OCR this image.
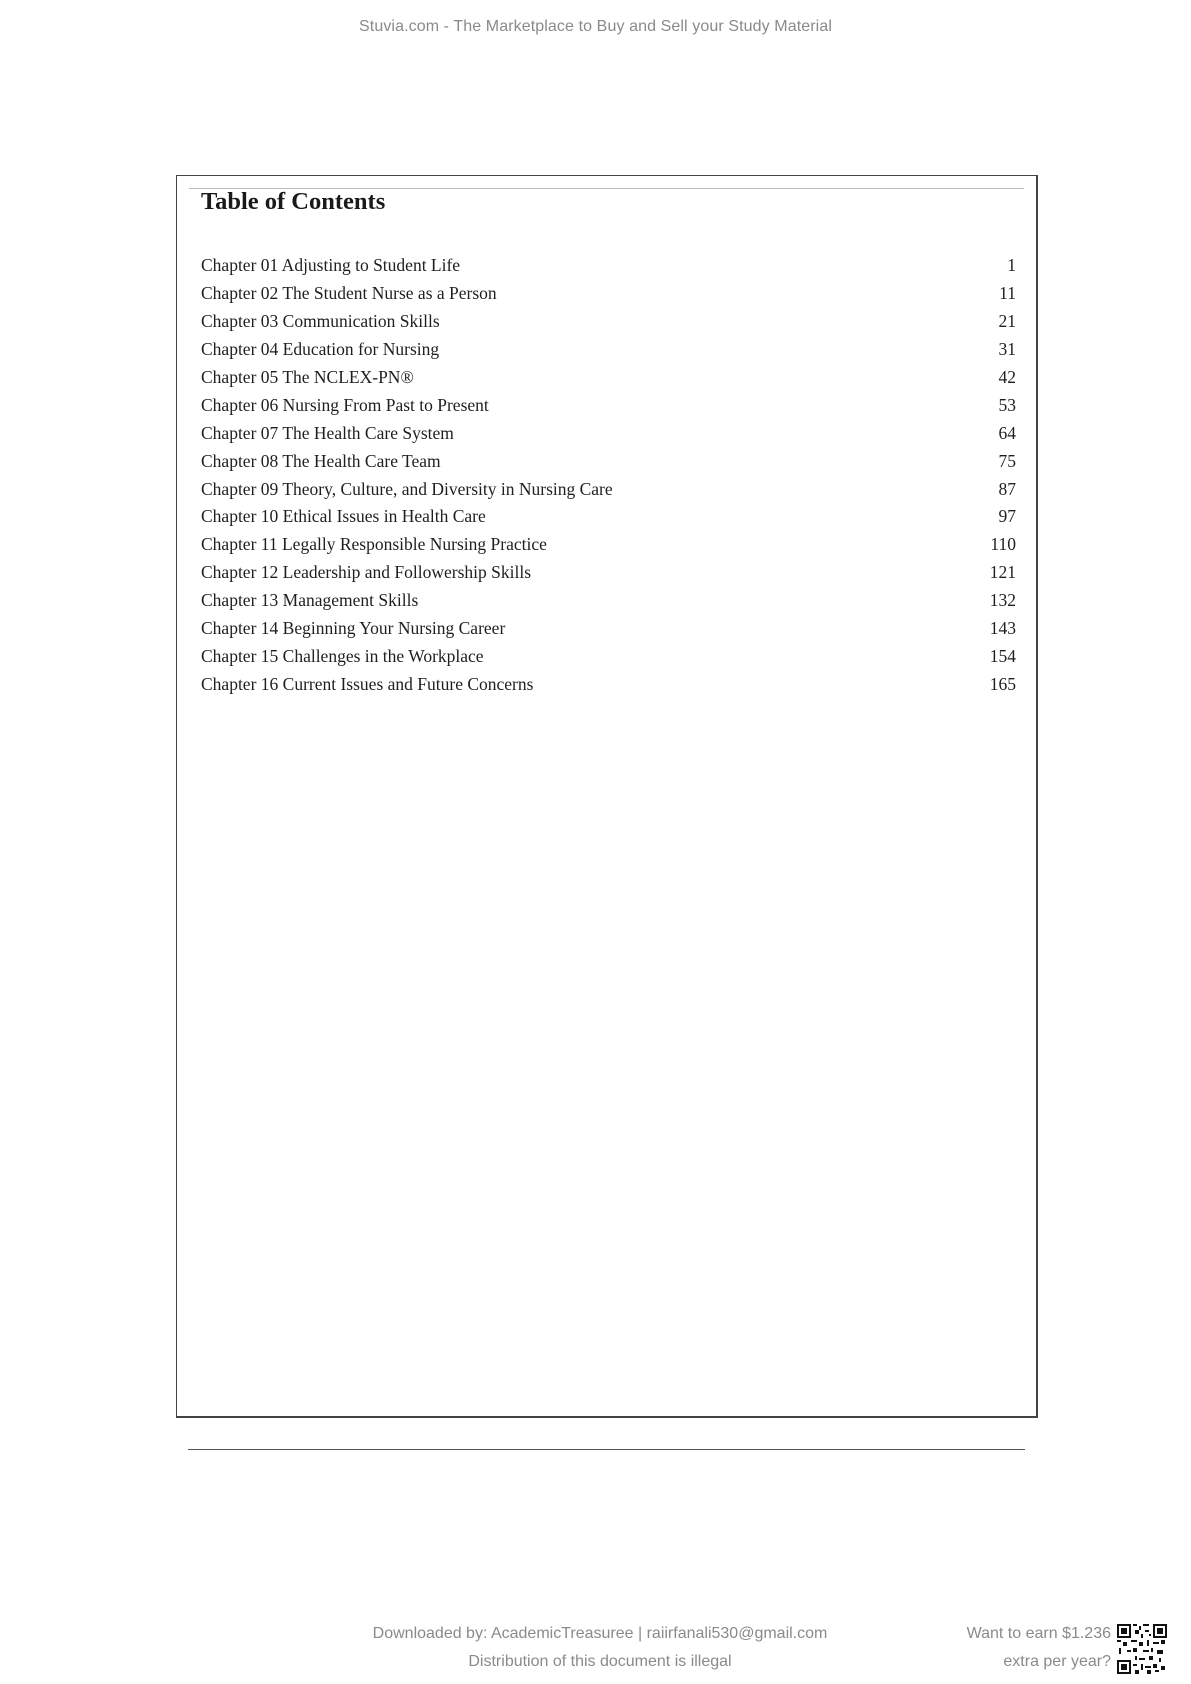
Stuvia.com - The Marketplace to Buy and Sell your Study Material
Table of Contents
Chapter 01 Adjusting to Student Life	1
Chapter 02 The Student Nurse as a Person	11
Chapter 03 Communication Skills	21
Chapter 04 Education for Nursing	31
Chapter 05 The NCLEX-PN®	42
Chapter 06 Nursing From Past to Present	53
Chapter 07 The Health Care System	64
Chapter 08 The Health Care Team	75
Chapter 09 Theory, Culture, and Diversity in Nursing Care	87
Chapter 10 Ethical Issues in Health Care	97
Chapter 11 Legally Responsible Nursing Practice	110
Chapter 12 Leadership and Followership Skills	121
Chapter 13 Management Skills	132
Chapter 14 Beginning Your Nursing Career	143
Chapter 15 Challenges in the Workplace	154
Chapter 16 Current Issues and Future Concerns	165
Downloaded by: AcademicTreasuree | raiirfanali530@gmail.com
Distribution of this document is illegal
Want to earn $1.236
extra per year?
